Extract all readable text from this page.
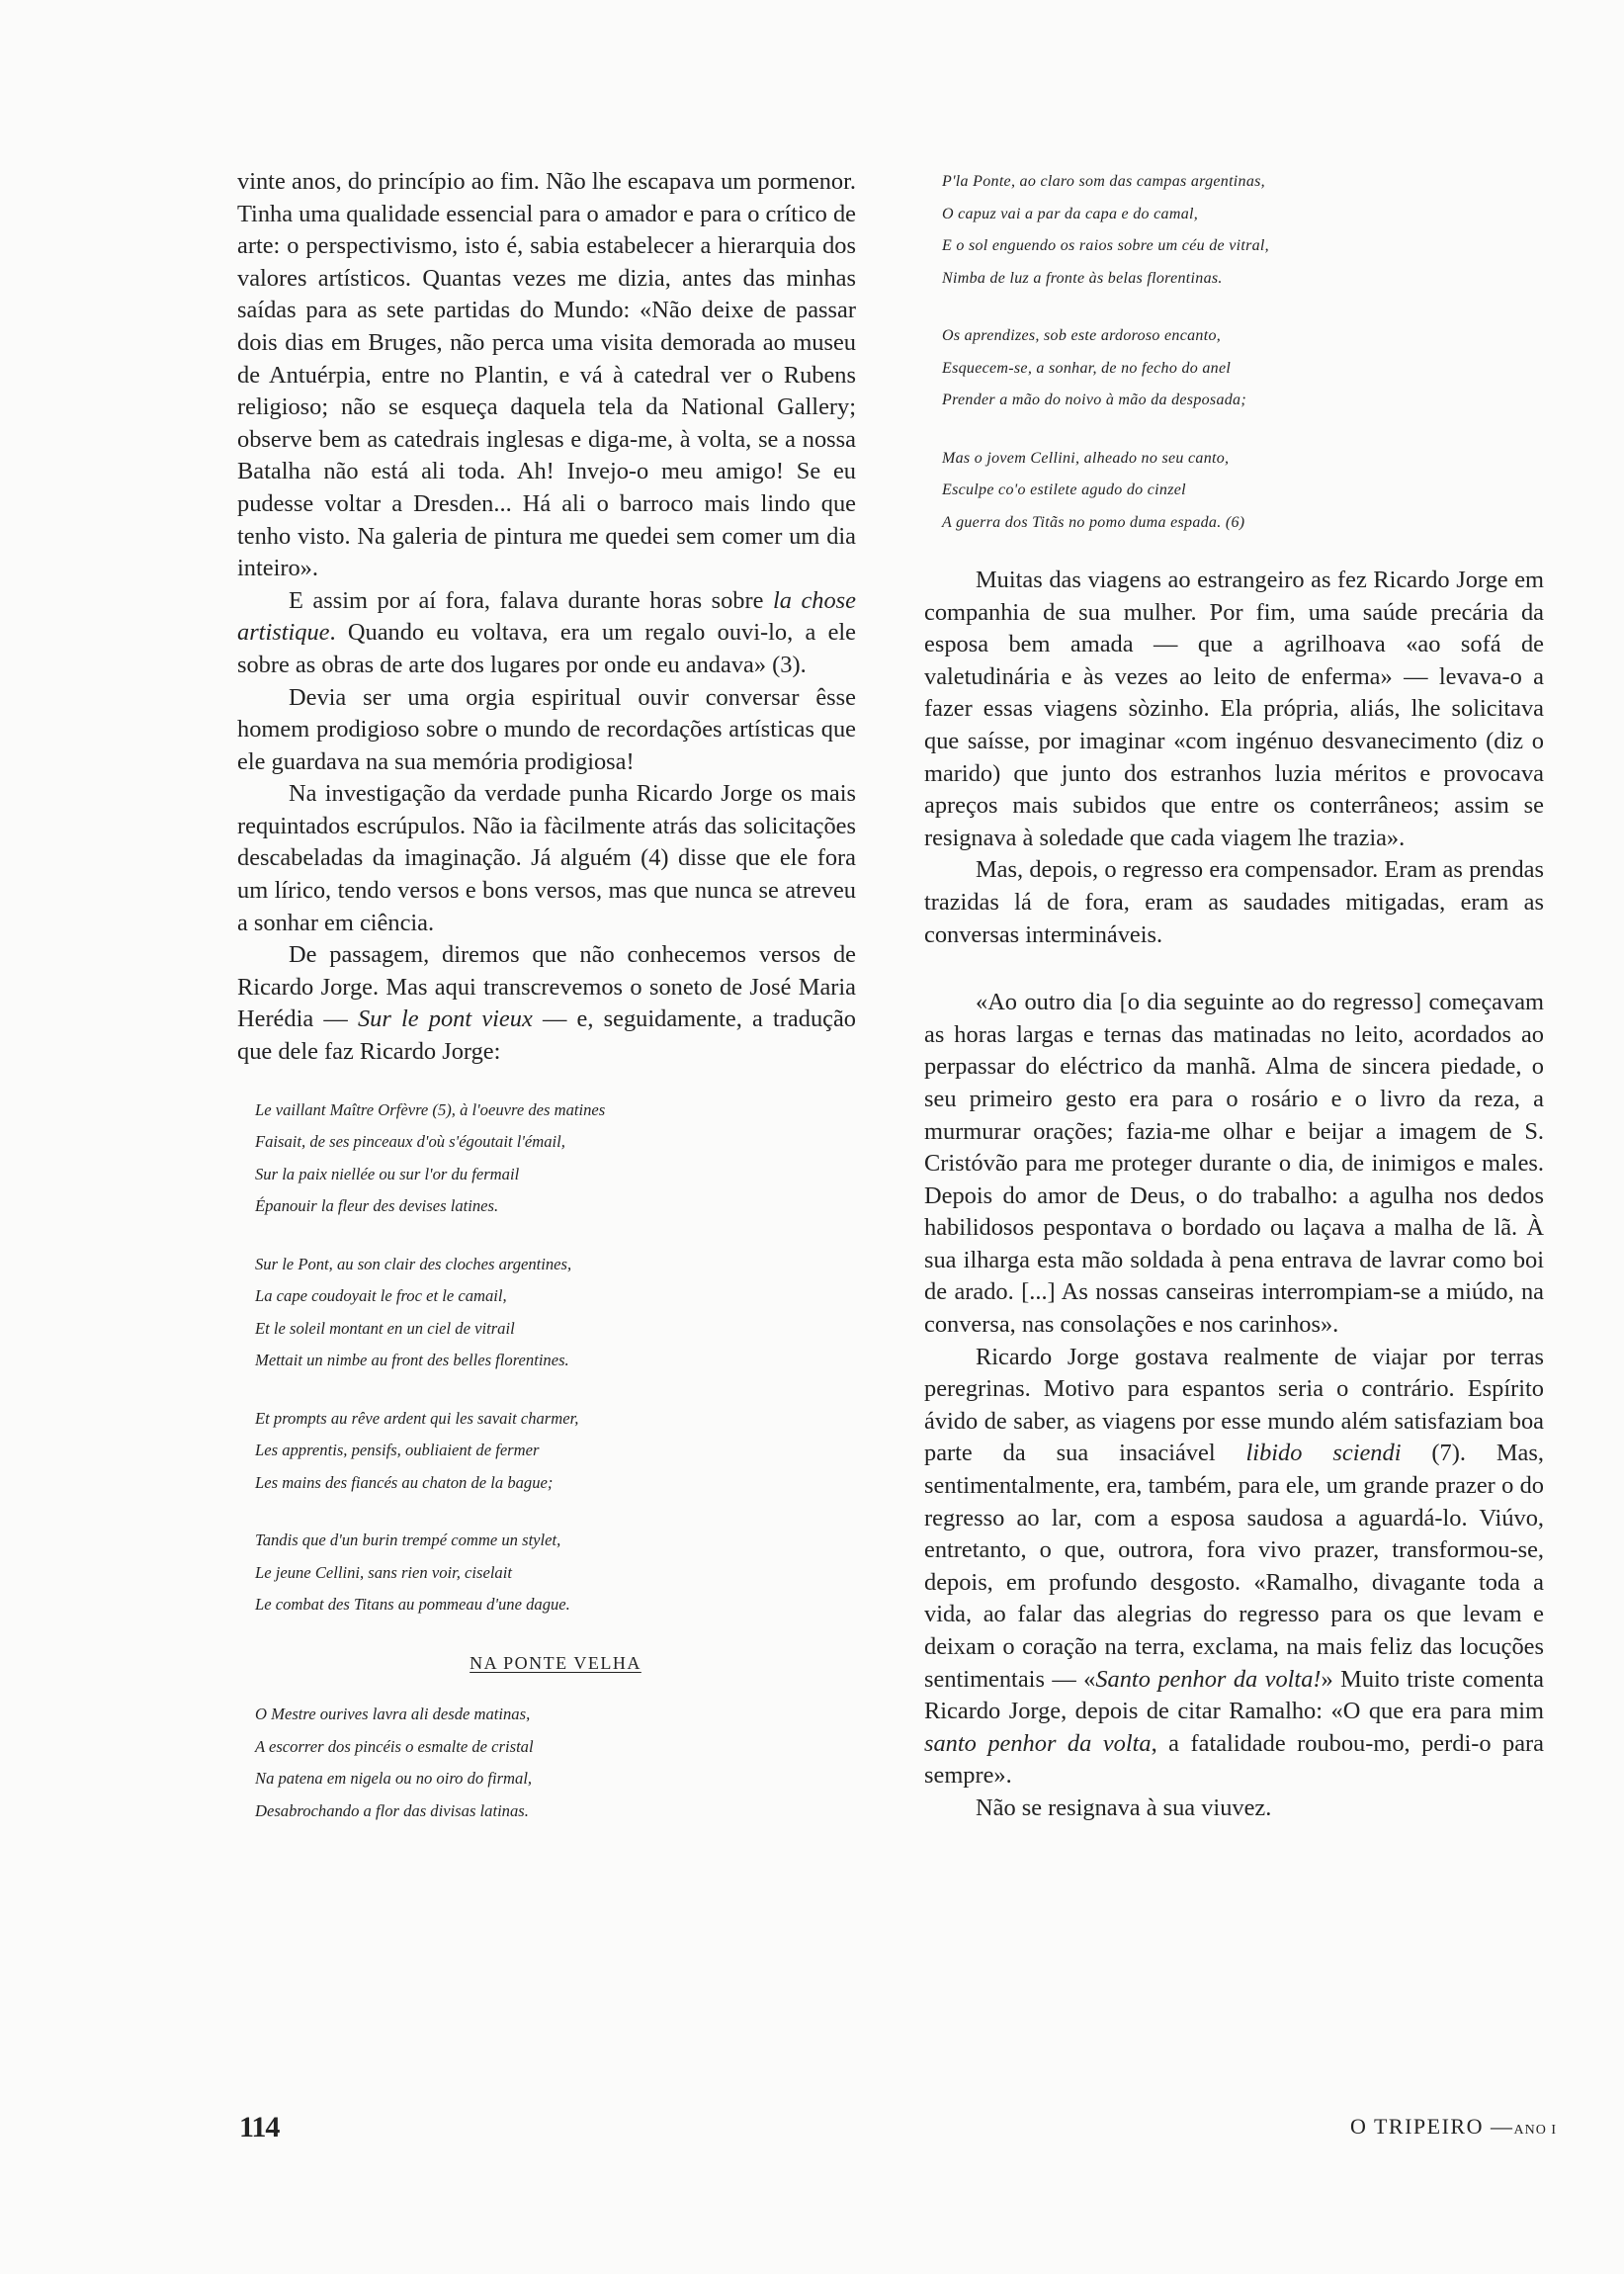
vinte anos, do princípio ao fim. Não lhe escapava um pormenor. Tinha uma qualidade essencial para o amador e para o crítico de arte: o perspectivismo, isto é, sabia estabelecer a hierarquia dos valores artísticos. Quantas vezes me dizia, antes das minhas saídas para as sete partidas do Mundo: «Não deixe de passar dois dias em Bruges, não perca uma visita demorada ao museu de Antuérpia, entre no Plantin, e vá à catedral ver o Rubens religioso; não se esqueça daquela tela da National Gallery; observe bem as catedrais inglesas e diga-me, à volta, se a nossa Batalha não está ali toda. Ah! Invejo-o meu amigo! Se eu pudesse voltar a Dresden... Há ali o barroco mais lindo que tenho visto. Na galeria de pintura me quedei sem comer um dia inteiro».

E assim por aí fora, falava durante horas sobre la chose artistique. Quando eu voltava, era um regalo ouvi-lo, a ele sobre as obras de arte dos lugares por onde eu andava» (3).

Devia ser uma orgia espiritual ouvir conversar êsse homem prodigioso sobre o mundo de recordações artísticas que ele guardava na sua memória prodigiosa!

Na investigação da verdade punha Ricardo Jorge os mais requintados escrúpulos. Não ia fàcilmente atrás das solicitações descabeladas da imaginação. Já alguém (4) disse que ele fora um lírico, tendo versos e bons versos, mas que nunca se atreveu a sonhar em ciência.

De passagem, diremos que não conhecemos versos de Ricardo Jorge. Mas aqui transcrevemos o soneto de José Maria Herédia — Sur le pont vieux — e, seguidamente, a tradução que dele faz Ricardo Jorge:

Le vaillant Maître Orfèvre (5), à l'oeuvre des matines
Faisait, de ses pinceaux d'où s'égoutait l'émail,
Sur la paix niellée ou sur l'or du fermail
Épanouir la fleur des devises latines.
Sur le Pont, au son clair des cloches argentines,
La cape coudoyait le froc et le camail,
Et le soleil montant en un ciel de vitrail
Mettait un nimbe au front des belles florentines.
Et prompts au rêve ardent qui les savait charmer,
Les apprentis, pensifs, oubliaient de fermer
Les mains des fiancés au chaton de la bague;
Tandis que d'un burin trempé comme un stylet,
Le jeune Cellini, sans rien voir, ciselait
Le combat des Titans au pommeau d'une dague.
NA PONTE VELHA
O Mestre ourives lavra ali desde matinas,
A escorrer dos pincéis o esmalte de cristal
Na patena em nigela ou no oiro do firmal,
Desabrochando a flor das divisas latinas.
P'la Ponte, ao claro som das campas argentinas,
O capuz vai a par da capa e do camal,
E o sol enguendo os raios sobre um céu de vitral,
Nimba de luz a fronte às belas florentinas.
Os aprendizes, sob este ardoroso encanto,
Esquecem-se, a sonhar, de no fecho do anel
Prender a mão do noivo à mão da desposada;
Mas o jovem Cellini, alheado no seu canto,
Esculpe co'o estilete agudo do cinzel
A guerra dos Titãs no pomo duma espada. (6)

Muitas das viagens ao estrangeiro as fez Ricardo Jorge em companhia de sua mulher. Por fim, uma saúde precária da esposa bem amada — que a agrilhoava «ao sofá de valetudinária e às vezes ao leito de enferma» — levava-o a fazer essas viagens sòzinho. Ela própria, aliás, lhe solicitava que saísse, por imaginar «com ingénuo desvanecimento (diz o marido) que junto dos estranhos luzia méritos e provocava apreços mais subidos que entre os conterrâneos; assim se resignava à soledade que cada viagem lhe trazia».

Mas, depois, o regresso era compensador. Eram as prendas trazidas lá de fora, eram as saudades mitigadas, eram as conversas intermináveis.

«Ao outro dia [o dia seguinte ao do regresso] começavam as horas largas e ternas das matinadas no leito, acordados ao perpassar do eléctrico da manhã. Alma de sincera piedade, o seu primeiro gesto era para o rosário e o livro da reza, a murmurar orações; fazia-me olhar e beijar a imagem de S. Cristóvão para me proteger durante o dia, de inimigos e males. Depois do amor de Deus, o do trabalho: a agulha nos dedos habilidosos pespontava o bordado ou laçava a malha de lã. À sua ilharga esta mão soldada à pena entrava de lavrar como boi de arado. [...] As nossas canseiras interrompiam-se a miúdo, na conversa, nas consolações e nos carinhos».

Ricardo Jorge gostava realmente de viajar por terras peregrinas. Motivo para espantos seria o contrário. Espírito ávido de saber, as viagens por esse mundo além satisfaziam boa parte da sua insaciável libido sciendi (7). Mas, sentimentalmente, era, também, para ele, um grande prazer o do regresso ao lar, com a esposa saudosa a aguardá-lo. Viúvo, entretanto, o que, outrora, fora vivo prazer, transformou-se, depois, em profundo desgosto. «Ramalho, divagante toda a vida, ao falar das alegrias do regresso para os que levam e deixam o coração na terra, exclama, na mais feliz das locuções sentimentais — «Santo penhor da volta!» Muito triste comenta Ricardo Jorge, depois de citar Ramalho: «O que era para mim santo penhor da volta, a fatalidade roubou-mo, perdi-o para sempre».

Não se resignava à sua viuvez.

114	O TRIPEIRO —ANO I
